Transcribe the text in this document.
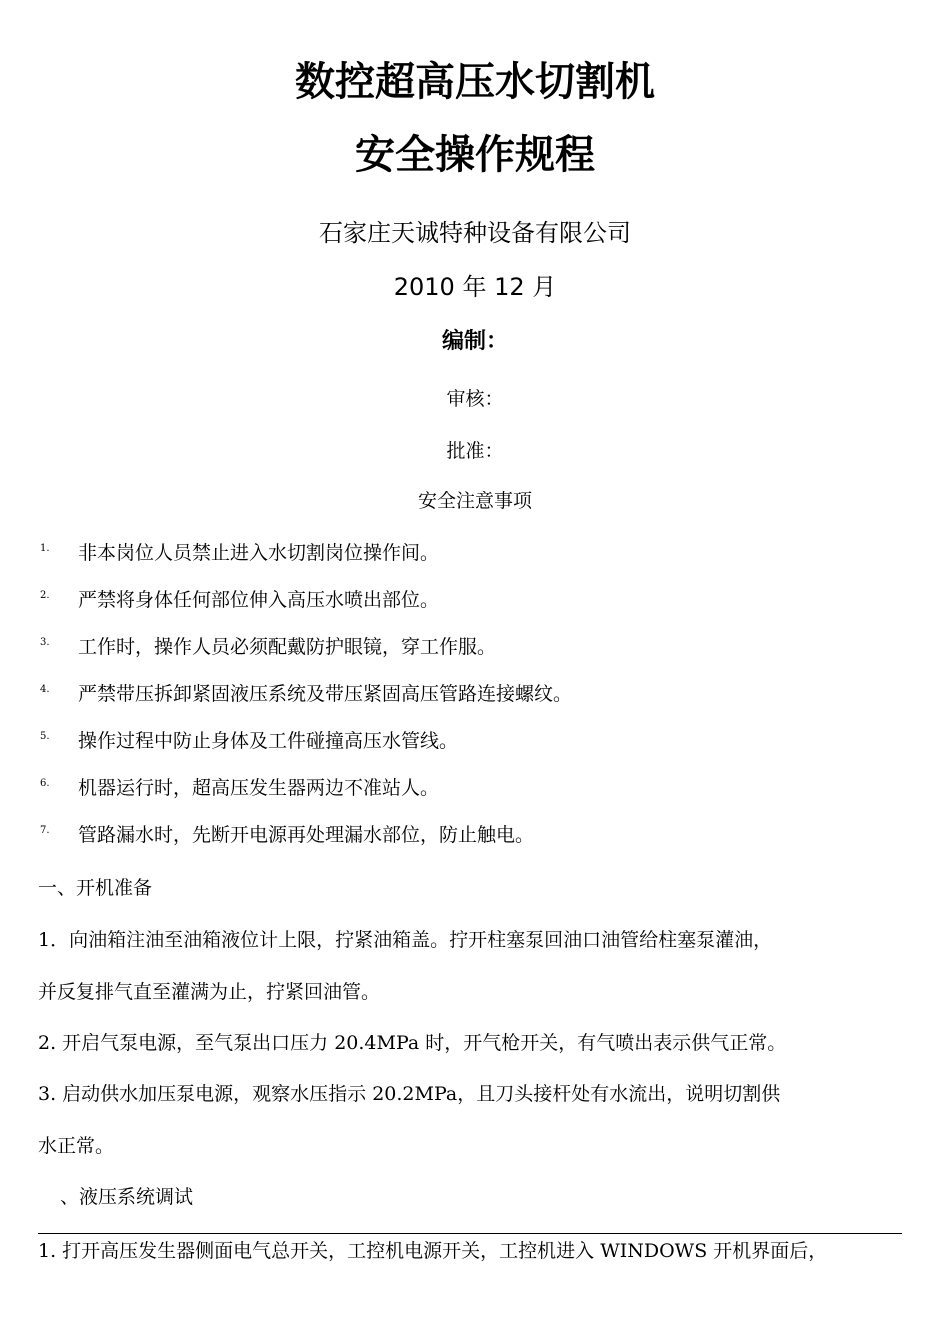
数控超高压水切割机
安全操作规程
石家庄天诚特种设备有限公司
2010 年 12 月
编制：
审核：
批准：
安全注意事项
1. 非本岗位人员禁止进入水切割岗位操作间。
2. 严禁将身体任何部位伸入高压水喷出部位。
3. 工作时，操作人员必须配戴防护眼镜，穿工作服。
4. 严禁带压拆卸紧固液压系统及带压紧固高压管路连接螺纹。
5. 操作过程中防止身体及工件碰撞高压水管线。
6. 机器运行时，超高压发生器两边不准站人。
7. 管路漏水时，先断开电源再处理漏水部位，防止触电。
一、开机准备
1．向油箱注油至油箱液位计上限，拧紧油箱盖。拧开柱塞泵回油口油管给柱塞泵灌油，
并反复排气直至灌满为止，拧紧回油管。
2. 开启气泵电源，至气泵出口压力 20.4MPa 时，开气枪开关，有气喷出表示供气正常。
3. 启动供水加压泵电源，观察水压指示 20.2MPa，且刀头接杆处有水流出，说明切割供
水正常。
、液压系统调试
1. 打开高压发生器侧面电气总开关，工控机电源开关，工控机进入 WINDOWS 开机界面后，
